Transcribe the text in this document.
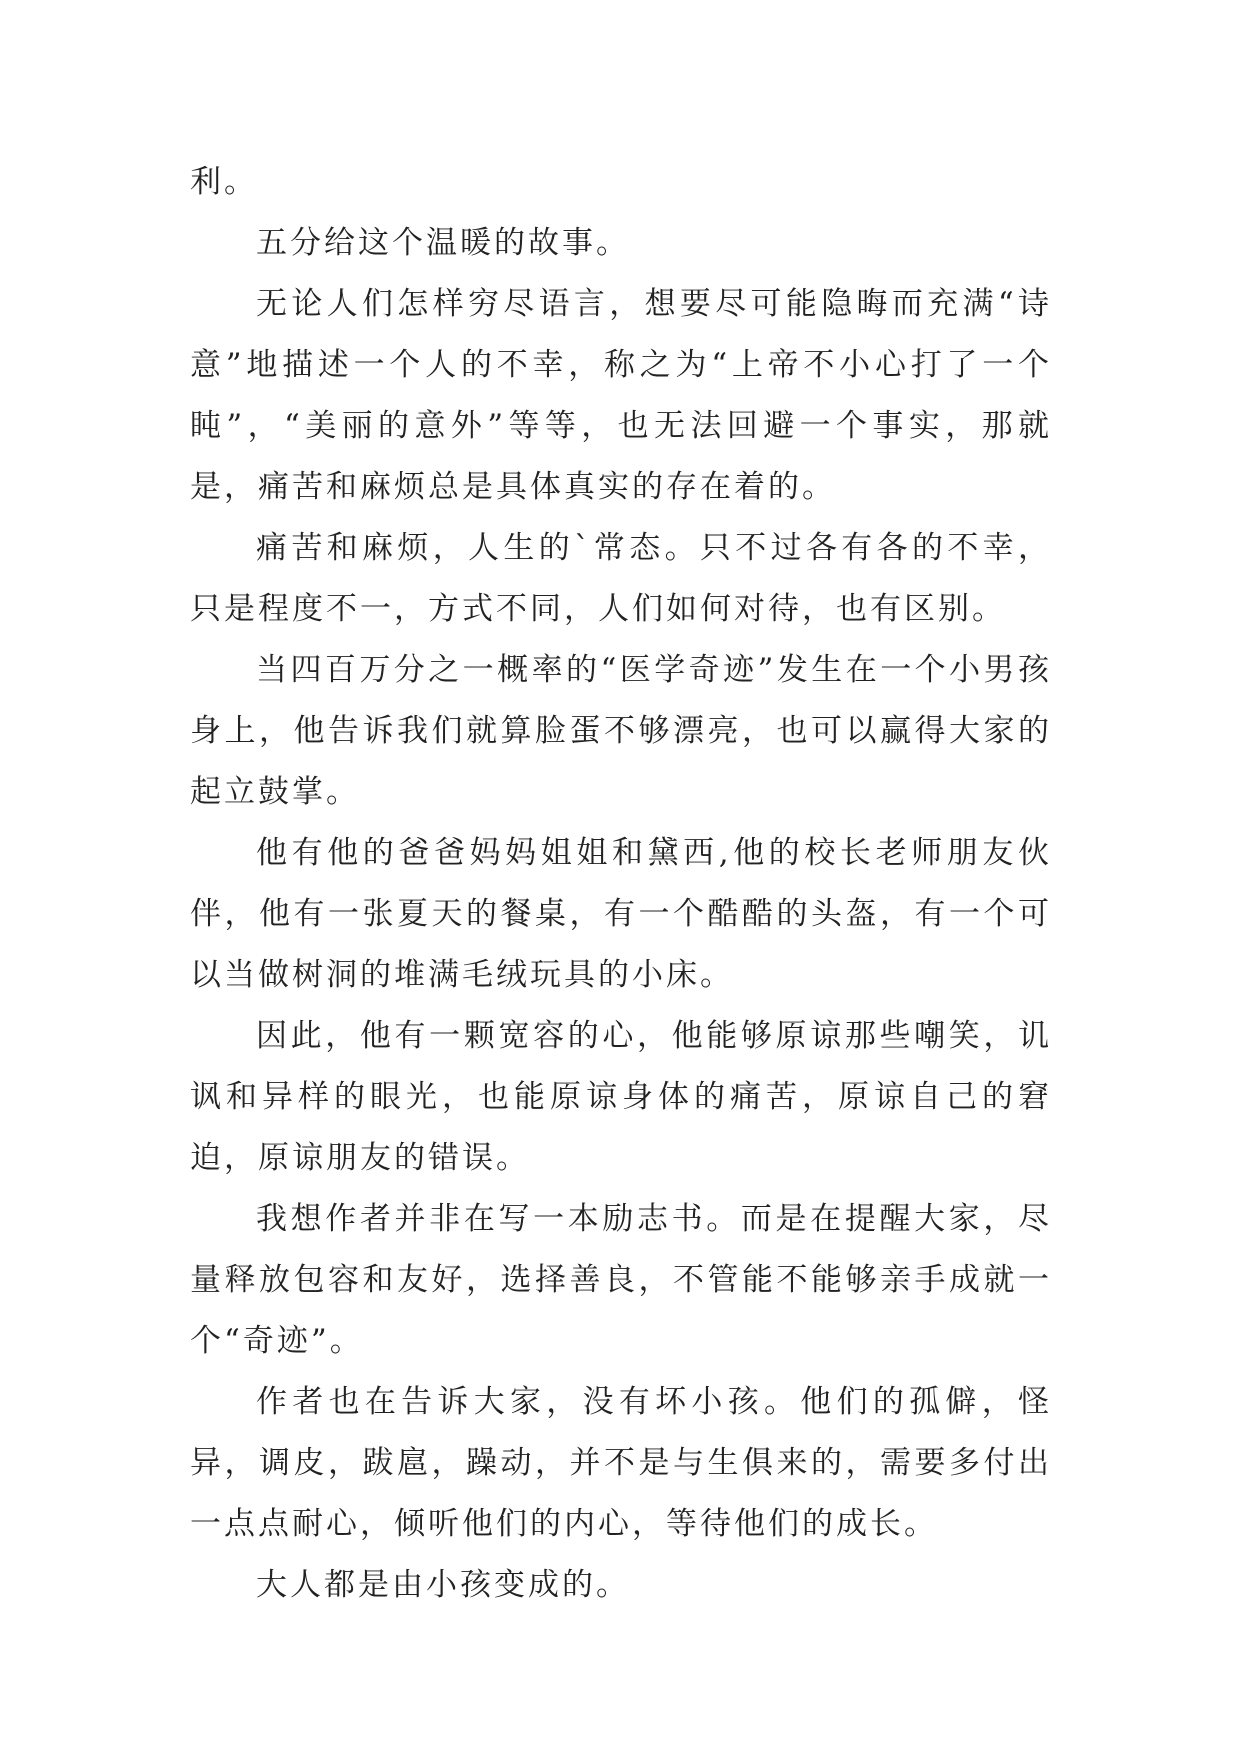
利。

五分给这个温暖的故事。

无论人们怎样穷尽语言，想要尽可能隐晦而充满“诗意”地描述一个人的不幸，称之为“上帝不小心打了一个盹”，“美丽的意外”等等，也无法回避一个事实，那就是，痛苦和麻烦总是具体真实的存在着的。

痛苦和麻烦，人生的`常态。只不过各有各的不幸，只是程度不一，方式不同，人们如何对待，也有区别。

当四百万分之一概率的“医学奇迹”发生在一个小男孩身上，他告诉我们就算脸蛋不够漂亮，也可以赢得大家的起立鼓掌。

他有他的爸爸妈妈姐姐和黛西,他的校长老师朋友伙伴，他有一张夏天的餐桌，有一个酷酷的头盔，有一个可以当做树洞的堆满毛绒玩具的小床。

因此，他有一颗宽容的心，他能够原谅那些嘲笑，讥讽和异样的眼光，也能原谅身体的痛苦，原谅自己的窘迫，原谅朋友的错误。

我想作者并非在写一本励志书。而是在提醒大家，尽量释放包容和友好，选择善良，不管能不能够亲手成就一个“奇迹”。

作者也在告诉大家，没有坏小孩。他们的孤僻，怪异，调皮，跋扈，躁动，并不是与生俱来的，需要多付出一点点耐心，倾听他们的内心，等待他们的成长。

大人都是由小孩变成的。
